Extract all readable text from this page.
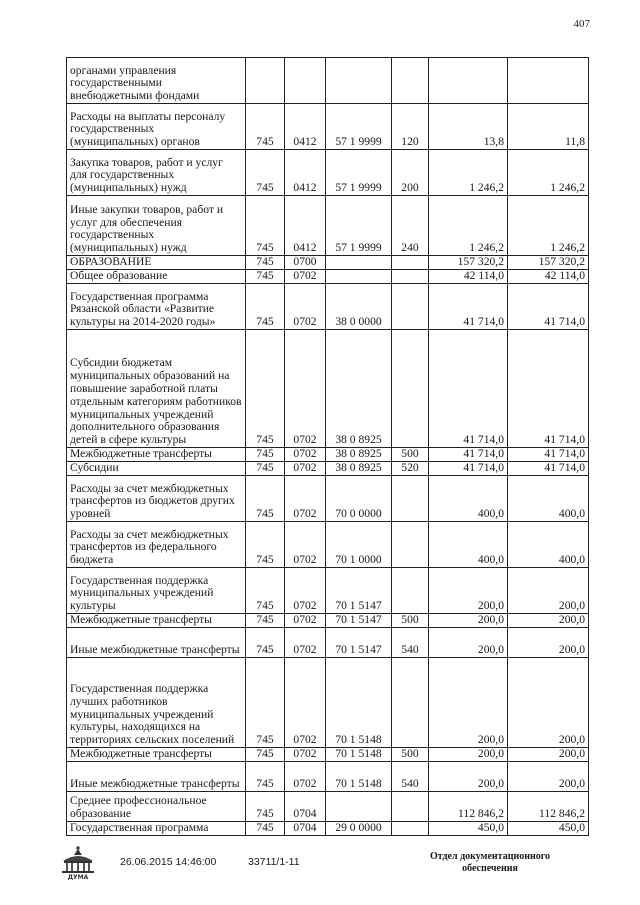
407
органами управления государственными внебюджетными фондами						
Расходы на выплаты персоналу государственных (муниципальных) органов	745	0412	57 1 9999	120	13,8	11,8
Закупка товаров, работ и услуг для государственных (муниципальных) нужд	745	0412	57 1 9999	200	1 246,2	1 246,2
Иные закупки товаров, работ и услуг для обеспечения государственных (муниципальных) нужд	745	0412	57 1 9999	240	1 246,2	1 246,2
ОБРАЗОВАНИЕ	745	0700			157 320,2	157 320,2
Общее образование	745	0702			42 114,0	42 114,0
Государственная программа Рязанской области «Развитие культуры на 2014-2020 годы»	745	0702	38 0 0000		41 714,0	41 714,0
Субсидии бюджетам муниципальных образований на повышение заработной платы отдельным категориям работников муниципальных учреждений дополнительного образования детей в сфере культуры	745	0702	38 0 8925		41 714,0	41 714,0
Межбюджетные трансферты	745	0702	38 0 8925	500	41 714,0	41 714,0
Субсидии	745	0702	38 0 8925	520	41 714,0	41 714,0
Расходы за счет межбюджетных трансфертов из бюджетов других уровней	745	0702	70 0 0000		400,0	400,0
Расходы за счет межбюджетных трансфертов из федерального бюджета	745	0702	70 1 0000		400,0	400,0
Государственная поддержка муниципальных учреждений культуры	745	0702	70 1 5147		200,0	200,0
Межбюджетные трансферты	745	0702	70 1 5147	500	200,0	200,0
Иные межбюджетные трансферты	745	0702	70 1 5147	540	200,0	200,0
Государственная поддержка лучших работников муниципальных учреждений культуры, находящихся на территориях сельских поселений	745	0702	70 1 5148		200,0	200,0
Межбюджетные трансферты	745	0702	70 1 5148	500	200,0	200,0
Иные межбюджетные трансферты	745	0702	70 1 5148	540	200,0	200,0
Среднее профессиональное образование	745	0704			112 846,2	112 846,2
Государственная программа	745	0704	29 0 0000		450,0	450,0
ДУМА
26.06.2015 14:46:00	33711/1-11	Отдел документационного
обеспечения
